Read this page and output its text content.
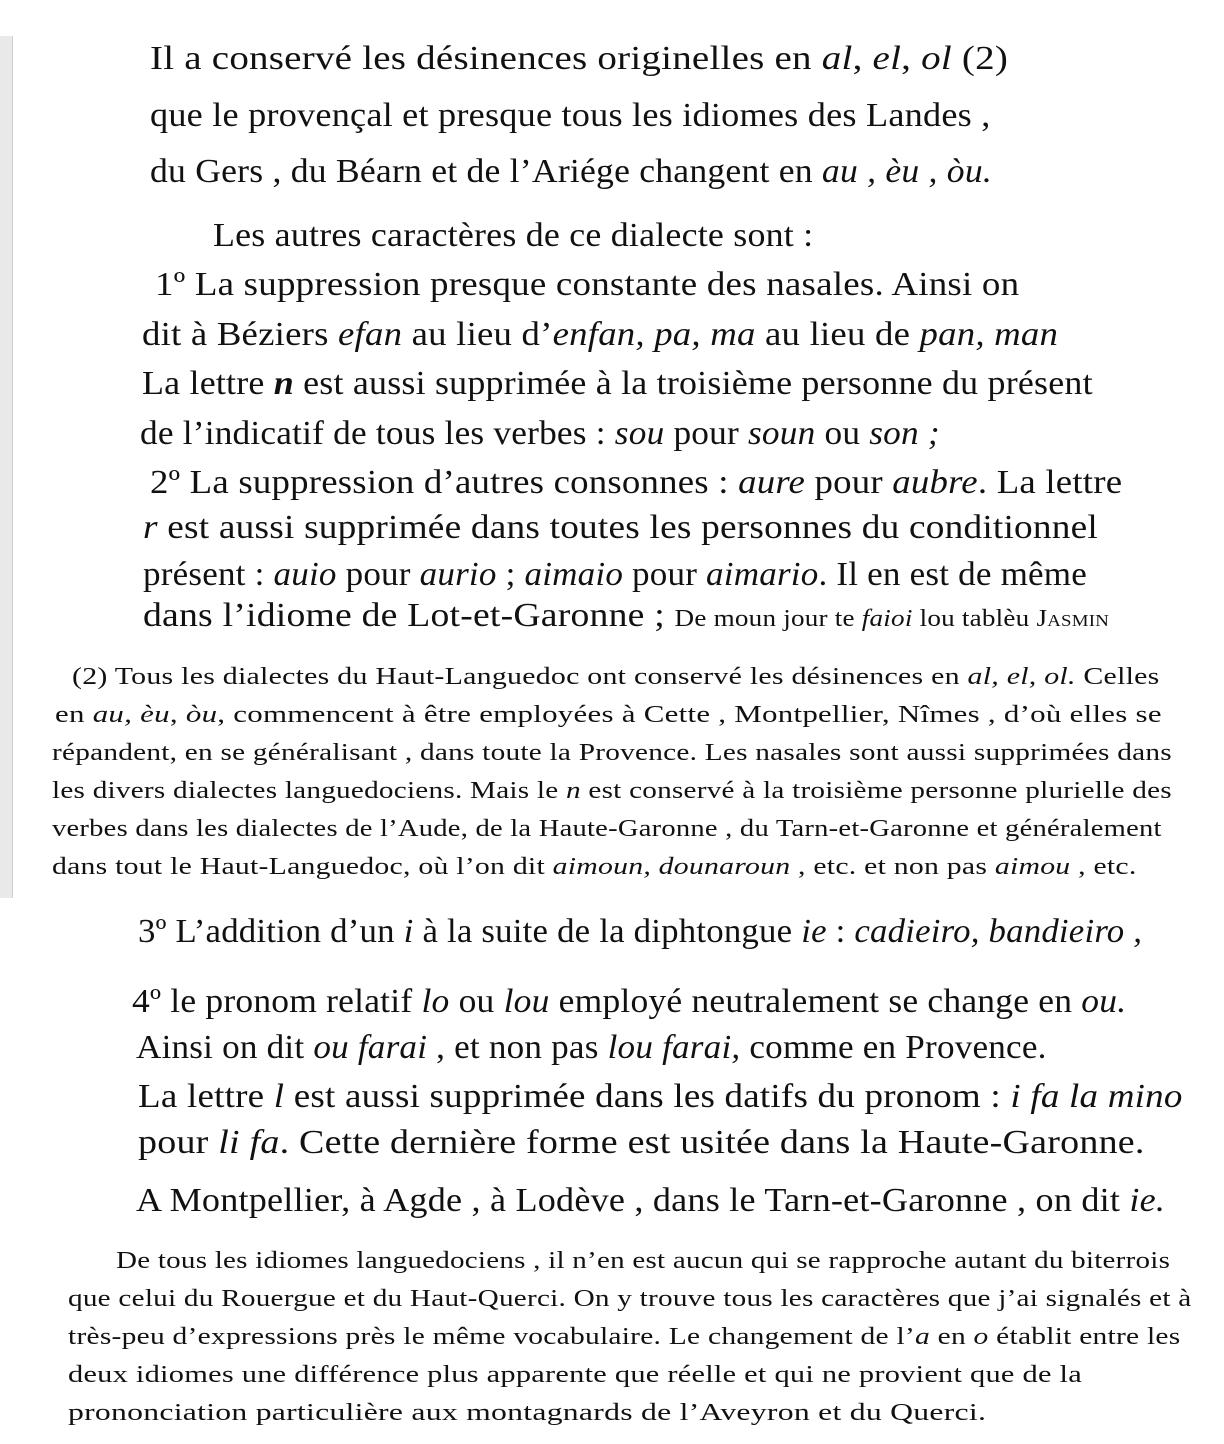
Il a conservé les désinences originelles en al, el, ol (2)
que le provençal et presque tous les idiomes des Landes ,
du Gers , du Béarn et de l’Ariége changent en au , èu , òu.
Les autres caractères de ce dialecte sont :
1º La suppression presque constante des nasales. Ainsi on
dit à Béziers efan au lieu d’enfan, pa, ma au lieu de pan, man
La lettre n est aussi supprimée à la troisième personne du présent
de l’indicatif de tous les verbes : sou pour soun ou son ;
2º La suppression d’autres consonnes : aure pour aubre. La lettre
r est aussi supprimée dans toutes les personnes du conditionnel
présent : auio pour aurio ; aimaio pour aimario. Il en est de même
dans l’idiome de Lot-et-Garonne ; De moun jour te faioi lou tablèu Jasmin
(2) Tous les dialectes du Haut-Languedoc ont conservé les désinences en al, el, ol. Celles
en au, èu, òu, commencent à être employées à Cette , Montpellier, Nîmes , d’où elles se
répandent, en se généralisant , dans toute la Provence. Les nasales sont aussi supprimées dans
les divers dialectes languedociens. Mais le n est conservé à la troisième personne plurielle des
verbes dans les dialectes de l’Aude, de la Haute-Garonne , du Tarn-et-Garonne et généralement
dans tout le Haut-Languedoc, où l’on dit aimoun, dounaroun , etc. et non pas aimou , etc.
3º L’addition d’un i à la suite de la diphtongue ie : cadieiro, bandieiro ,
4º le pronom relatif lo ou lou employé neutralement se change en ou.
Ainsi on dit ou farai , et non pas lou farai, comme en Provence.
La lettre l est aussi supprimée dans les datifs du pronom : i fa la mino
pour li fa. Cette dernière forme est usitée dans la Haute-Garonne.
A Montpellier, à Agde , à Lodève , dans le Tarn-et-Garonne , on dit ie.
De tous les idiomes languedociens , il n’en est aucun qui se rapproche autant du biterrois
que celui du Rouergue et du Haut-Querci. On y trouve tous les caractères que j’ai signalés et à
très-peu d’expressions près le même vocabulaire. Le changement de l’a en o établit entre les
deux idiomes une différence plus apparente que réelle et qui ne provient que de la
prononciation particulière aux montagnards de l’Aveyron et du Querci.
